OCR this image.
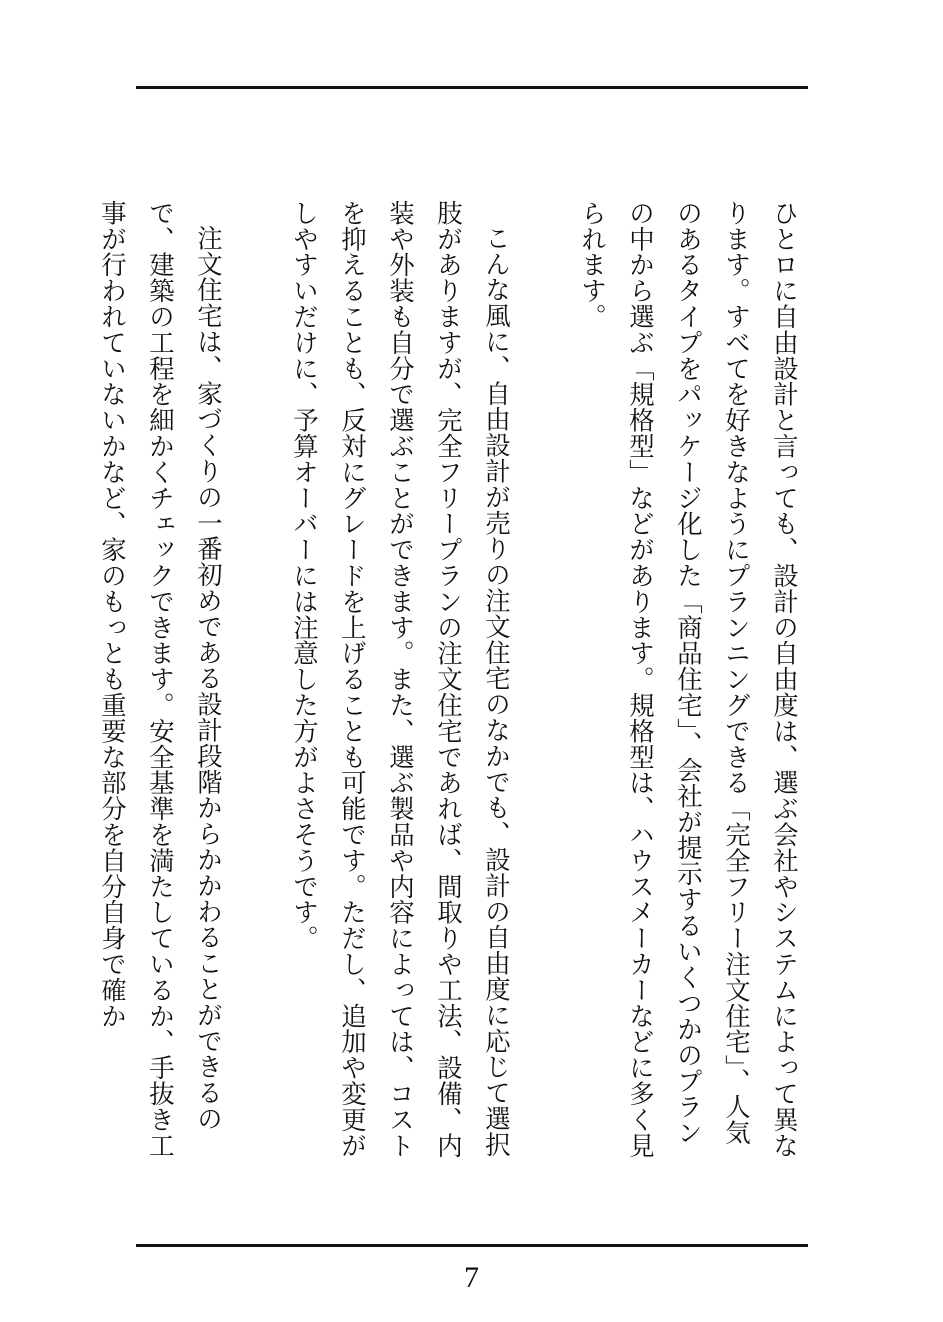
ひとロに自由設計と言っても、設計の自由度は、選ぶ会社やシステムによって異なります。すべてを好きなようにプランニングできる「完全フリー注文住宅」、人気のあるタイプをパッケージ化した「商品住宅」、会社が提示するいくつかのプランの中から選ぶ「規格型」などがあります。規格型は、ハウスメーカーなどに多く見られます。

こんな風に、自由設計が売りの注文住宅のなかでも、設計の自由度に応じて選択肢がありますが、完全フリープランの注文住宅であれば、間取りや工法、設備、内装や外装も自分で選ぶことができます。また、選ぶ製品や内容によっては、コストを抑えることも、反対にグレードを上げることも可能です。ただし、追加や変更がしやすいだけに、予算オーバーには注意した方がよさそうです。

注文住宅は、家づくりの一番初めである設計段階からかかわることができるので、建築の工程を細かくチェックできます。安全基準を満たしているか、手抜き工事が行われていないかなど、家のもっとも重要な部分を自分自身で確か

7
